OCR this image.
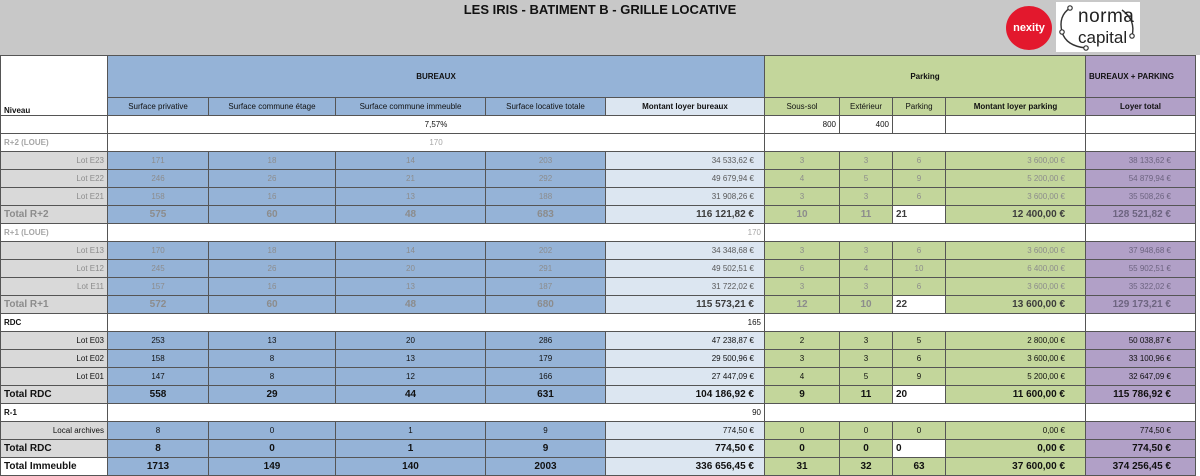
LES IRIS - BATIMENT B - GRILLE LOCATIVE
nexity
norma
capital
Niveau	BUREAUX					Parking				BUREAUX + PARKING
	Surface privative	Surface commune étage	Surface commune immeuble	Surface locative totale	Montant loyer bureaux	Sous-sol	Extérieur	Parking	Montant loyer parking	Loyer total
	7,57%					800	400			
R+2 (LOUE)	170									
Lot E23	171	18	14	203	34 533,62 €	3	3	6	3 600,00 €	38 133,62 €
Lot E22	246	26	21	292	49 679,94 €	4	5	9	5 200,00 €	54 879,94 €
Lot E21	158	16	13	188	31 908,26 €	3	3	6	3 600,00 €	35 508,26 €
Total R+2	575	60	48	683	116 121,82 €	10	11	21	12 400,00 €	128 521,82 €
R+1 (LOUE)	170									
Lot E13	170	18	14	202	34 348,68 €	3	3	6	3 600,00 €	37 948,68 €
Lot E12	245	26	20	291	49 502,51 €	6	4	10	6 400,00 €	55 902,51 €
Lot E11	157	16	13	187	31 722,02 €	3	3	6	3 600,00 €	35 322,02 €
Total R+1	572	60	48	680	115 573,21 €	12	10	22	13 600,00 €	129 173,21 €
RDC	165									
Lot E03	253	13	20	286	47 238,87 €	2	3	5	2 800,00 €	50 038,87 €
Lot E02	158	8	13	179	29 500,96 €	3	3	6	3 600,00 €	33 100,96 €
Lot E01	147	8	12	166	27 447,09 €	4	5	9	5 200,00 €	32 647,09 €
Total RDC	558	29	44	631	104 186,92 €	9	11	20	11 600,00 €	115 786,92 €
R-1	90									
Local archives	8	0	1	9	774,50 €	0	0	0	0,00 €	774,50 €
Total RDC	8	0	1	9	774,50 €	0	0	0	0,00 €	774,50 €
Total Immeuble	1713	149	140	2003	336 656,45 €	31	32	63	37 600,00 €	374 256,45 €
